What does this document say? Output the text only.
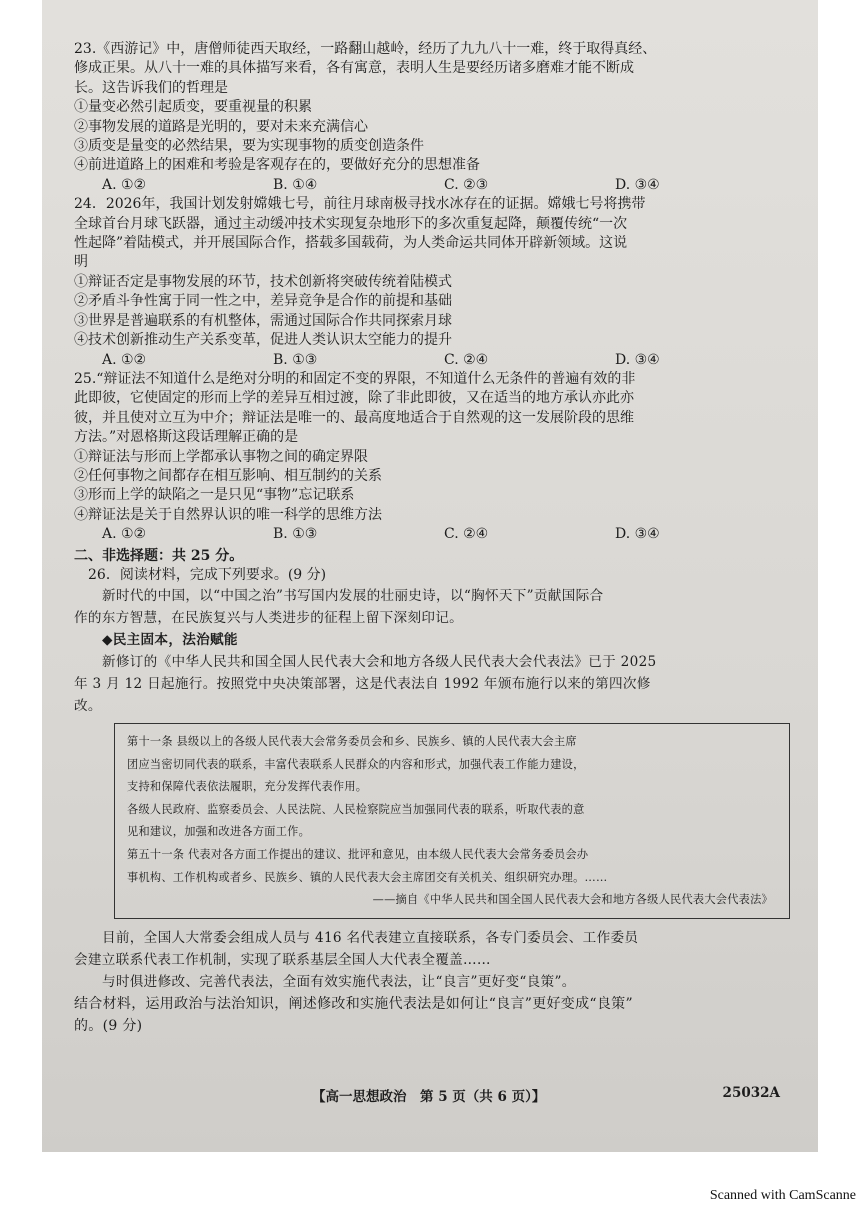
23.《西游记》中，唐僧师徒西天取经，一路翻山越岭，经历了九九八十一难，终于取得真经、

修成正果。从八十一难的具体描写来看，各有寓意，表明人生是要经历诸多磨难才能不断成

长。这告诉我们的哲理是

①量变必然引起质变，要重视量的积累

②事物发展的道路是光明的，要对未来充满信心

③质变是量变的必然结果，要为实现事物的质变创造条件

④前进道路上的困难和考验是客观存在的，要做好充分的思想准备

A. ①②	B. ①④	C. ②③	D. ③④

24．2026年，我国计划发射嫦娥七号，前往月球南极寻找水冰存在的证据。嫦娥七号将携带

全球首台月球飞跃器，通过主动缓冲技术实现复杂地形下的多次重复起降，颠覆传统“一次

性起降”着陆模式，并开展国际合作，搭载多国载荷，为人类命运共同体开辟新领域。这说

明

①辩证否定是事物发展的环节，技术创新将突破传统着陆模式

②矛盾斗争性寓于同一性之中，差异竞争是合作的前提和基础

③世界是普遍联系的有机整体，需通过国际合作共同探索月球

④技术创新推动生产关系变革，促进人类认识太空能力的提升

A. ①②	B. ①③	C. ②④	D. ③④

25.“辩证法不知道什么是绝对分明的和固定不变的界限，不知道什么无条件的普遍有效的非

此即彼，它使固定的形而上学的差异互相过渡，除了非此即彼，又在适当的地方承认亦此亦

彼，并且使对立互为中介；辩证法是唯一的、最高度地适合于自然观的这一发展阶段的思维

方法。”对恩格斯这段话理解正确的是

①辩证法与形而上学都承认事物之间的确定界限

②任何事物之间都存在相互影响、相互制约的关系

③形而上学的缺陷之一是只见“事物”忘记联系

④辩证法是关于自然界认识的唯一科学的思维方法

A. ①②	B. ①③	C. ②④	D. ③④
二、非选择题：共 25 分。

26．阅读材料，完成下列要求。(9 分)

新时代的中国，以“中国之治”书写国内发展的壮丽史诗，以“胸怀天下”贡献国际合

作的东方智慧，在民族复兴与人类进步的征程上留下深刻印记。

◆民主固本，法治赋能

新修订的《中华人民共和国全国人民代表大会和地方各级人民代表大会代表法》已于 2025

年 3 月 12 日起施行。按照党中央决策部署，这是代表法自 1992 年颁布施行以来的第四次修

改。

第十一条 县级以上的各级人民代表大会常务委员会和乡、民族乡、镇的人民代表大会主席

团应当密切同代表的联系，丰富代表联系人民群众的内容和形式，加强代表工作能力建设，

支持和保障代表依法履职，充分发挥代表作用。

各级人民政府、监察委员会、人民法院、人民检察院应当加强同代表的联系，听取代表的意

见和建议，加强和改进各方面工作。

第五十一条 代表对各方面工作提出的建议、批评和意见，由本级人民代表大会常务委员会办

事机构、工作机构或者乡、民族乡、镇的人民代表大会主席团交有关机关、组织研究办理。……

——摘自《中华人民共和国全国人民代表大会和地方各级人民代表大会代表法》

目前，全国人大常委会组成人员与 416 名代表建立直接联系，各专门委员会、工作委员

会建立联系代表工作机制，实现了联系基层全国人大代表全覆盖……

与时俱进修改、完善代表法，全面有效实施代表法，让“良言”更好变“良策”。

结合材料，运用政治与法治知识，阐述修改和实施代表法是如何让“良言”更好变成“良策”

的。(9 分)

【高一思想政治　第 5 页（共 6 页）】	25032A
Scanned with CamScanne
